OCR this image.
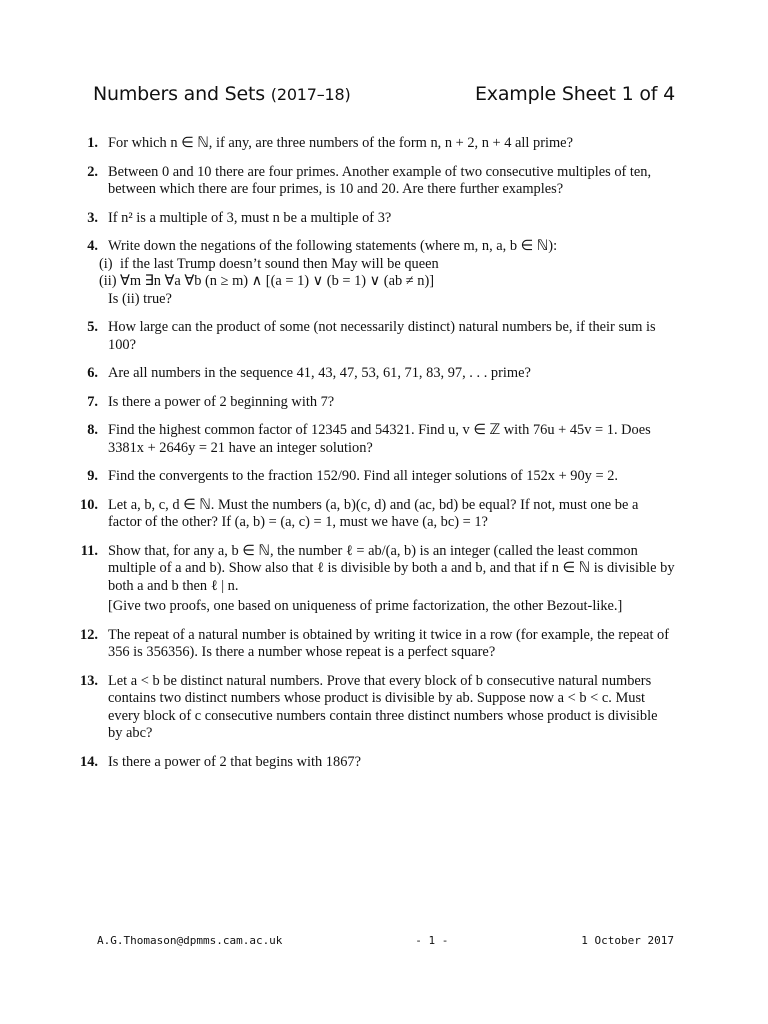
Numbers and Sets (2017–18)	Example Sheet 1 of 4
1. For which n ∈ ℕ, if any, are three numbers of the form n, n + 2, n + 4 all prime?

2. Between 0 and 10 there are four primes. Another example of two consecutive multiples of ten, between which there are four primes, is 10 and 20. Are there further examples?

3. If n² is a multiple of 3, must n be a multiple of 3?

4. Write down the negations of the following statements (where m, n, a, b ∈ ℕ):

(i) if the last Trump doesn’t sound then May will be queen

(ii) ∀m ∃n ∀a ∀b (n ≥ m) ∧ [(a = 1) ∨ (b = 1) ∨ (ab ≠ n)]

Is (ii) true?

5. How large can the product of some (not necessarily distinct) natural numbers be, if their sum is 100?

6. Are all numbers in the sequence 41, 43, 47, 53, 61, 71, 83, 97, . . . prime?

7. Is there a power of 2 beginning with 7?

8. Find the highest common factor of 12345 and 54321. Find u, v ∈ ℤ with 76u + 45v = 1. Does 3381x + 2646y = 21 have an integer solution?

9. Find the convergents to the fraction 152/90. Find all integer solutions of 152x + 90y = 2.

10. Let a, b, c, d ∈ ℕ. Must the numbers (a, b)(c, d) and (ac, bd) be equal? If not, must one be a factor of the other? If (a, b) = (a, c) = 1, must we have (a, bc) = 1?

11. Show that, for any a, b ∈ ℕ, the number ℓ = ab/(a, b) is an integer (called the least common multiple of a and b). Show also that ℓ is divisible by both a and b, and that if n ∈ ℕ is divisible by both a and b then ℓ | n.

[Give two proofs, one based on uniqueness of prime factorization, the other Bezout-like.]

12. The repeat of a natural number is obtained by writing it twice in a row (for example, the repeat of 356 is 356356). Is there a number whose repeat is a perfect square?

13. Let a < b be distinct natural numbers. Prove that every block of b consecutive natural numbers contains two distinct numbers whose product is divisible by ab. Suppose now a < b < c. Must every block of c consecutive numbers contain three distinct numbers whose product is divisible by abc?

14. Is there a power of 2 that begins with 1867?

A.G.Thomason@dpmms.cam.ac.uk	- 1 -	1 October 2017
